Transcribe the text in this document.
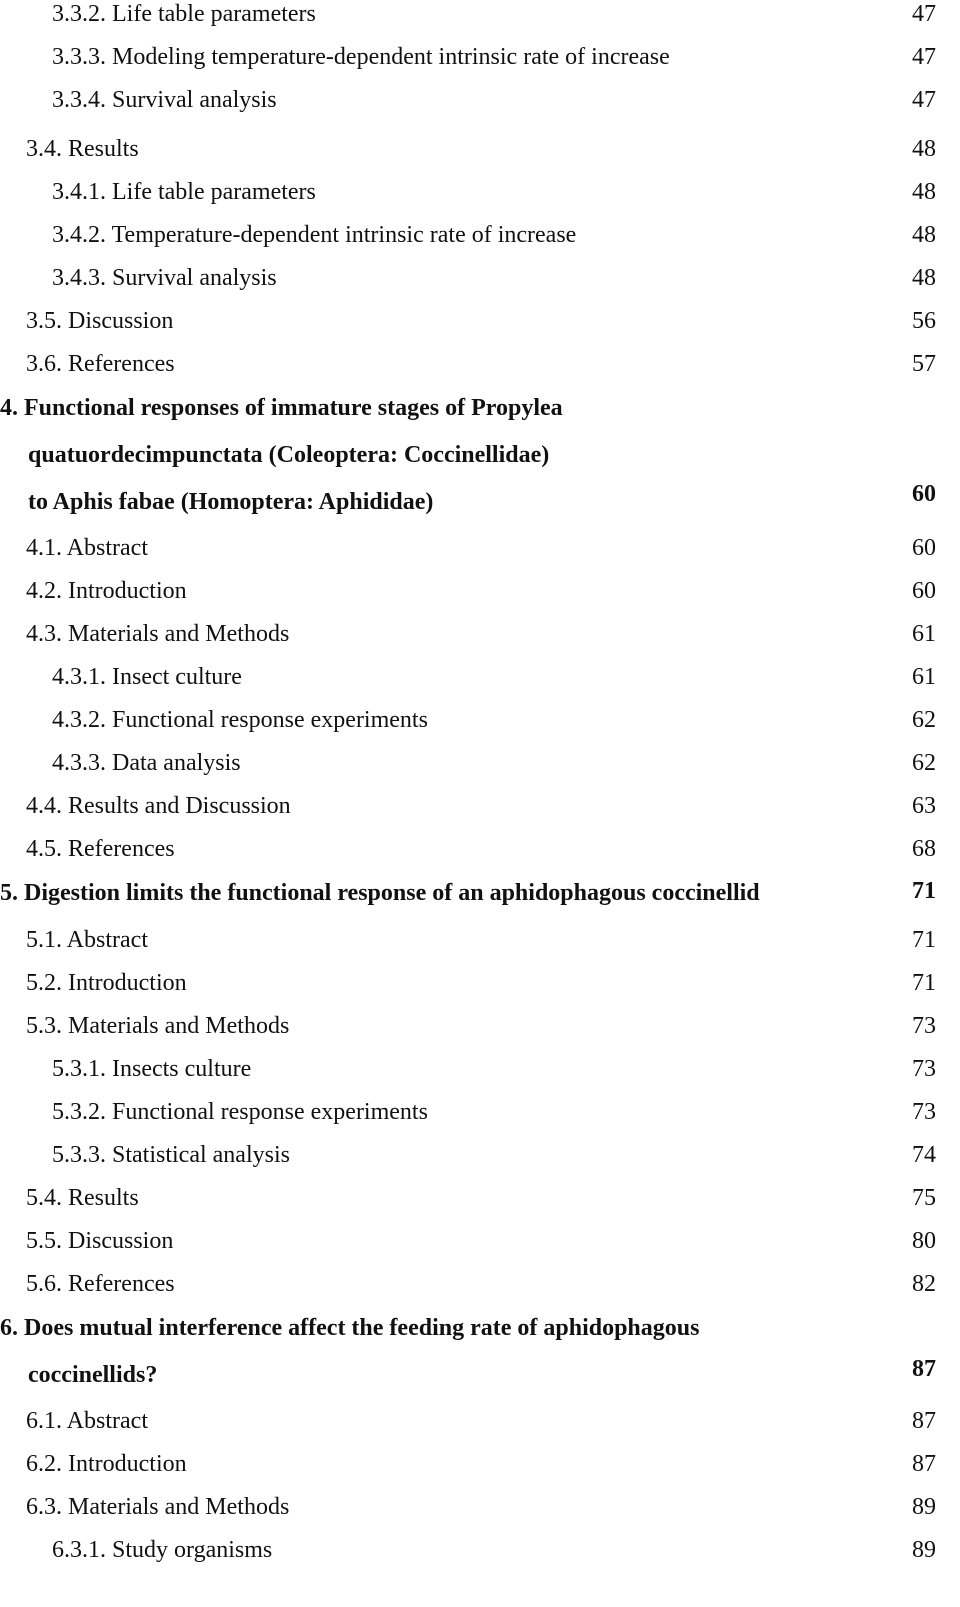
3.3.2. Life table parameters	47
3.3.3. Modeling temperature-dependent intrinsic rate of increase	47
3.3.4. Survival analysis	47
3.4. Results	48
3.4.1. Life table parameters	48
3.4.2. Temperature-dependent intrinsic rate of increase	48
3.4.3. Survival analysis	48
3.5. Discussion	56
3.6. References	57
4. Functional responses of immature stages of Propylea
quatuordecimpunctata (Coleoptera: Coccinellidae)
to Aphis fabae (Homoptera: Aphididae)	60
4.1. Abstract	60
4.2. Introduction	60
4.3. Materials and Methods	61
4.3.1. Insect culture	61
4.3.2. Functional response experiments	62
4.3.3. Data analysis	62
4.4. Results and Discussion	63
4.5. References	68
5. Digestion limits the functional response of an aphidophagous coccinellid	71
5.1. Abstract	71
5.2. Introduction	71
5.3. Materials and Methods	73
5.3.1. Insects culture	73
5.3.2. Functional response experiments	73
5.3.3. Statistical analysis	74
5.4. Results	75
5.5. Discussion	80
5.6. References	82
6. Does mutual interference affect the feeding rate of aphidophagous
coccinellids?	87
6.1. Abstract	87
6.2. Introduction	87
6.3. Materials and Methods	89
6.3.1. Study organisms	89
